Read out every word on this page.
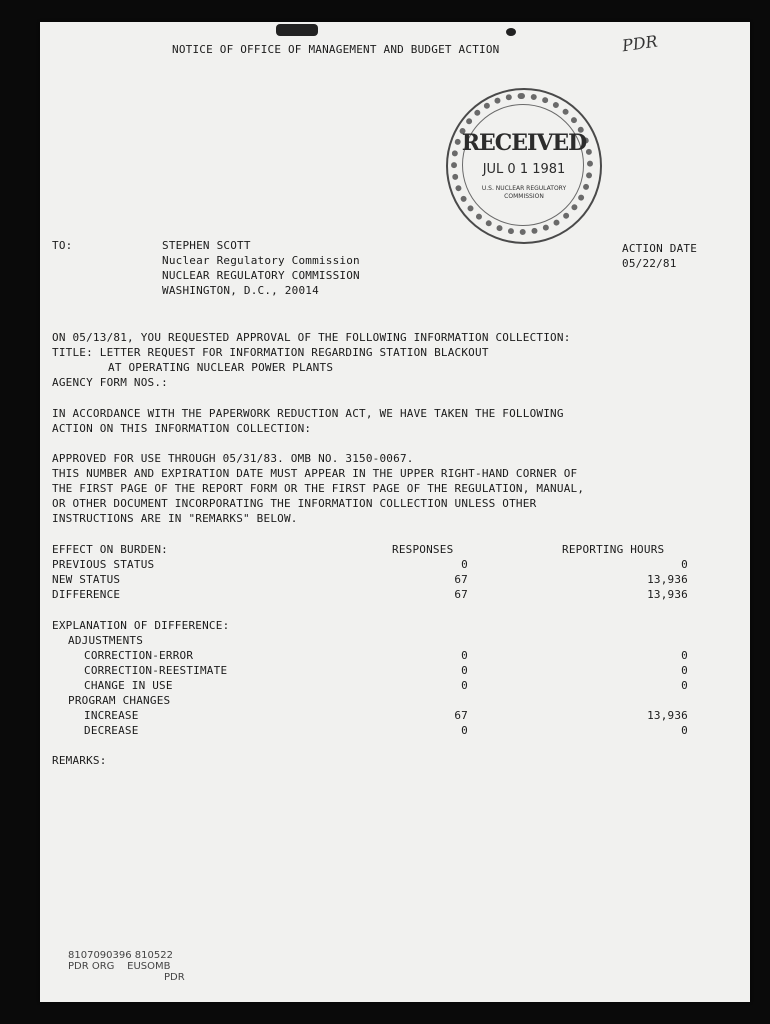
NOTICE OF OFFICE OF MANAGEMENT AND BUDGET ACTION	PDR
RECEIVED
JUL 0 1 1981
U.S. NUCLEAR REGULATORY COMMISSION
TO:	STEPHEN SCOTT
Nuclear Regulatory Commission
NUCLEAR REGULATORY COMMISSION
WASHINGTON, D.C., 20014
ACTION DATE
05/22/81
ON 05/13/81, YOU REQUESTED APPROVAL OF THE FOLLOWING INFORMATION COLLECTION:
TITLE: LETTER REQUEST FOR INFORMATION REGARDING STATION BLACKOUT
AT OPERATING NUCLEAR POWER PLANTS
AGENCY FORM NOS.:
IN ACCORDANCE WITH THE PAPERWORK REDUCTION ACT, WE HAVE TAKEN THE FOLLOWING
ACTION ON THIS INFORMATION COLLECTION:
APPROVED FOR USE THROUGH 05/31/83. OMB NO. 3150-0067.
THIS NUMBER AND EXPIRATION DATE MUST APPEAR IN THE UPPER RIGHT-HAND CORNER OF
THE FIRST PAGE OF THE REPORT FORM OR THE FIRST PAGE OF THE REGULATION, MANUAL,
OR OTHER DOCUMENT INCORPORATING THE INFORMATION COLLECTION UNLESS OTHER
INSTRUCTIONS ARE IN "REMARKS" BELOW.
EFFECT ON BURDEN:	RESPONSES	REPORTING HOURS
PREVIOUS STATUS	0	0
NEW STATUS	67	13,936
DIFFERENCE	67	13,936
EXPLANATION OF DIFFERENCE:
ADJUSTMENTS
CORRECTION-ERROR	0	0
CORRECTION-REESTIMATE	0	0
CHANGE IN USE	0	0
PROGRAM CHANGES
INCREASE	67	13,936
DECREASE	0	0
REMARKS:
8107090396 810522
PDR ORG    EUSOMB
PDR
